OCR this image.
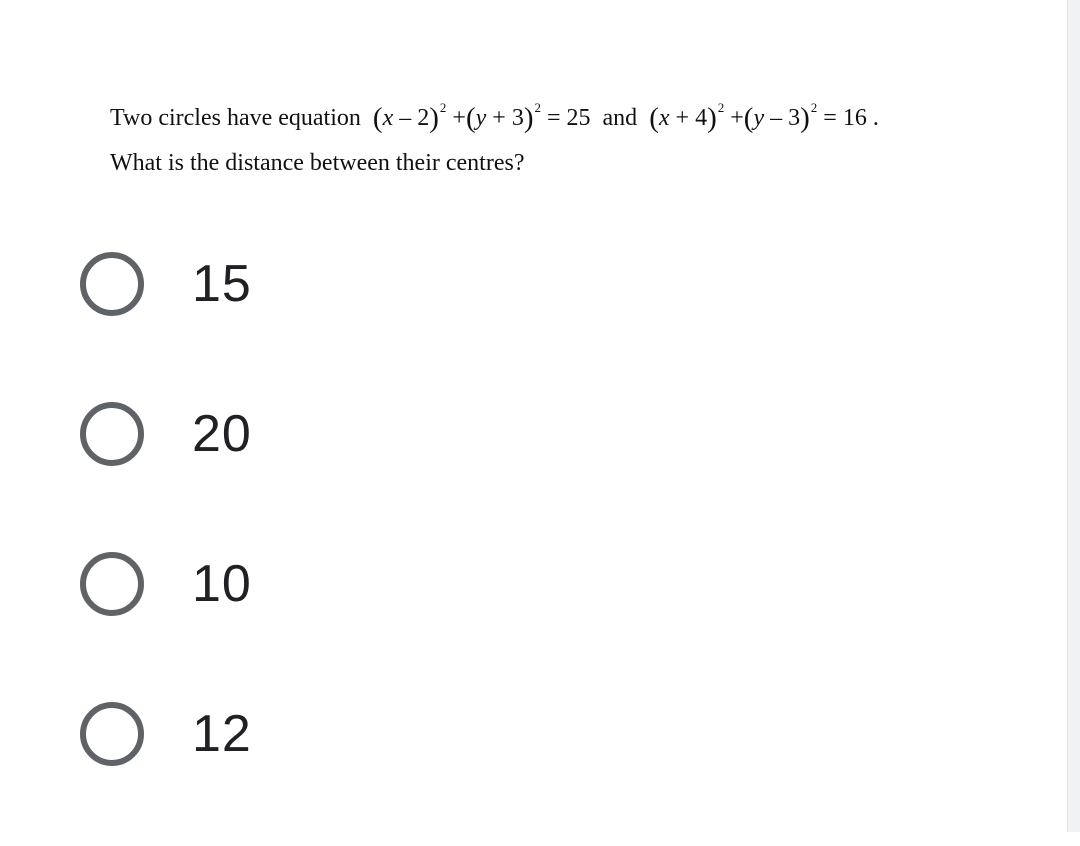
Two circles have equation $(x - 2)^2 +(y + 3)^2 = 25$ and $(x + 4)^2 +(y - 3)^2 = 16$ .
What is the distance between their centres?
15
20
10
12
